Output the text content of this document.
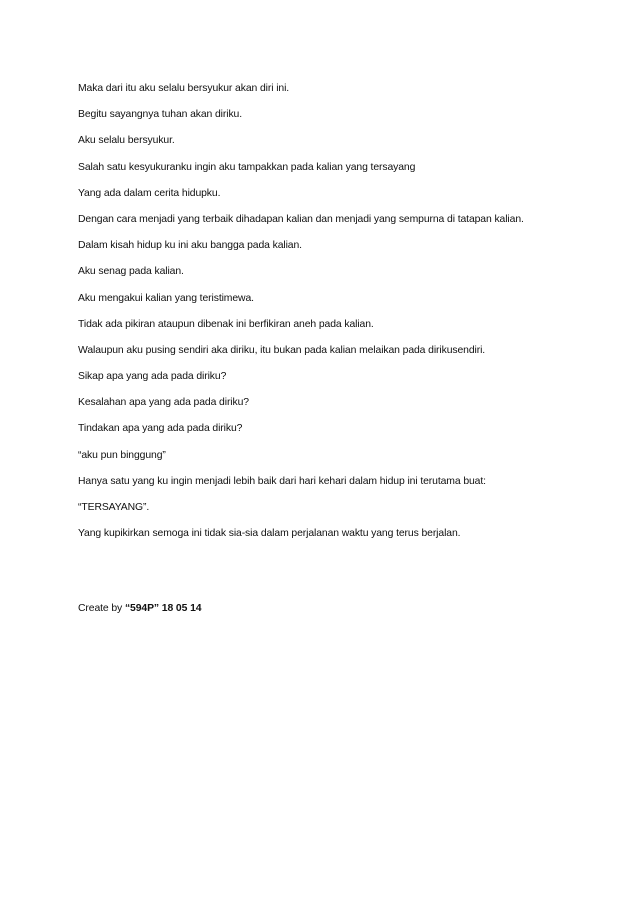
Maka dari itu aku selalu bersyukur akan diri ini.

Begitu sayangnya tuhan akan diriku.

Aku selalu bersyukur.

Salah satu kesyukuranku ingin aku tampakkan pada kalian yang tersayang

Yang ada dalam cerita hidupku.

Dengan cara menjadi yang terbaik dihadapan kalian dan menjadi yang sempurna di tatapan kalian.

Dalam kisah hidup ku ini aku bangga pada kalian.

Aku senag pada kalian.

Aku mengakui kalian yang teristimewa.

Tidak ada pikiran ataupun dibenak ini berfikiran aneh pada kalian.

Walaupun aku pusing sendiri aka diriku, itu bukan pada kalian melaikan pada dirikusendiri.

Sikap apa yang ada pada diriku?

Kesalahan apa yang ada pada diriku?

Tindakan apa yang ada pada diriku?

“aku pun binggung”

Hanya satu yang ku ingin menjadi lebih baik dari hari kehari dalam hidup ini terutama buat:

“TERSAYANG”.

Yang kupikirkan semoga ini tidak sia-sia dalam perjalanan waktu yang terus berjalan.

Create by “594P” 18 05 14
